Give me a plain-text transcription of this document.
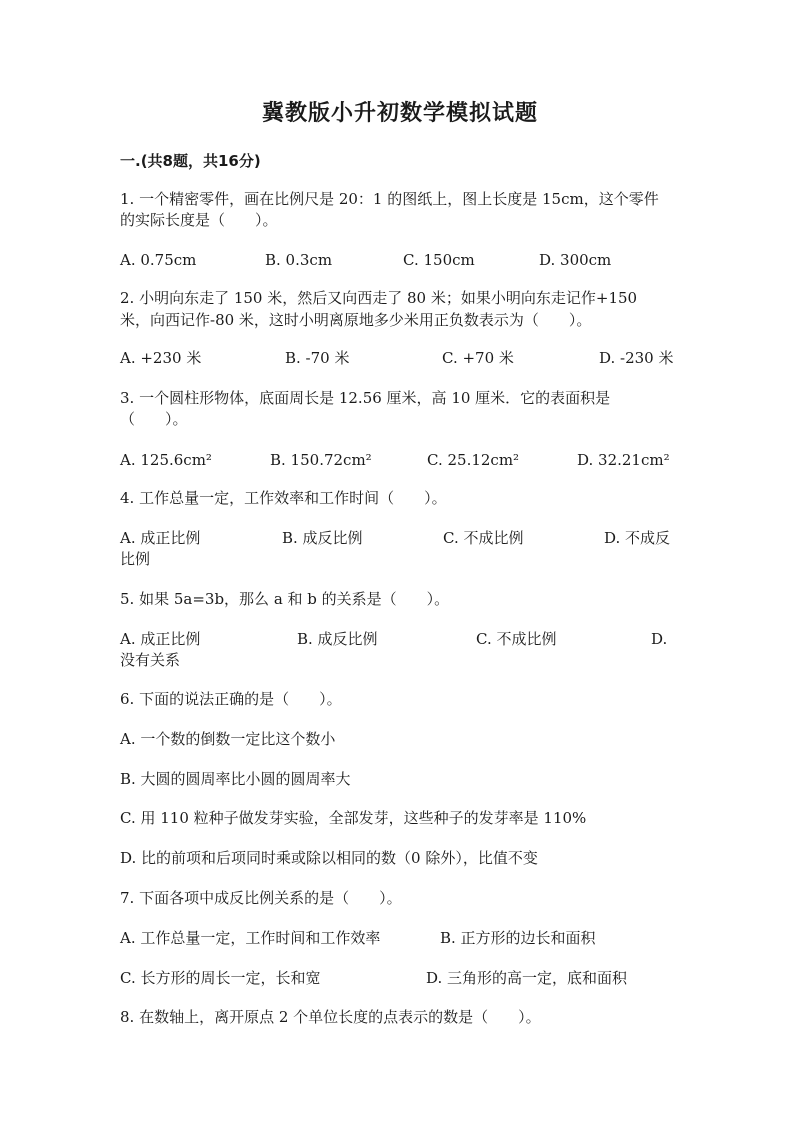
冀教版小升初数学模拟试题
一.(共8题，共16分)
1. 一个精密零件，画在比例尺是 20：1 的图纸上，图上长度是 15cm，这个零件
的实际长度是（　　）。
A. 0.75cm	B. 0.3cm	C. 150cm	D. 300cm
2. 小明向东走了 150 米，然后又向西走了 80 米；如果小明向东走记作+150
米，向西记作-80 米，这时小明离原地多少米用正负数表示为（　　）。
A. +230 米	B. -70 米	C. +70 米	D. -230 米
3. 一个圆柱形物体，底面周长是 12.56 厘米，高 10 厘米．它的表面积是
（　　）。
A. 125.6cm²	B. 150.72cm²	C. 25.12cm²	D. 32.21cm²
4. 工作总量一定，工作效率和工作时间（　　）。
A. 成正比例	B. 成反比例	C. 不成比例	D. 不成反
比例
5. 如果 5a=3b，那么 a 和 b 的关系是（　　）。
A. 成正比例	B. 成反比例	C. 不成比例	D.
没有关系
6. 下面的说法正确的是（　　）。
A. 一个数的倒数一定比这个数小
B. 大圆的圆周率比小圆的圆周率大
C. 用 110 粒种子做发芽实验，全部发芽，这些种子的发芽率是 110%
D. 比的前项和后项同时乘或除以相同的数（0 除外），比值不变
7. 下面各项中成反比例关系的是（　　）。
A. 工作总量一定，工作时间和工作效率	B. 正方形的边长和面积
C. 长方形的周长一定，长和宽	D. 三角形的高一定，底和面积
8. 在数轴上，离开原点 2 个单位长度的点表示的数是（　　）。
